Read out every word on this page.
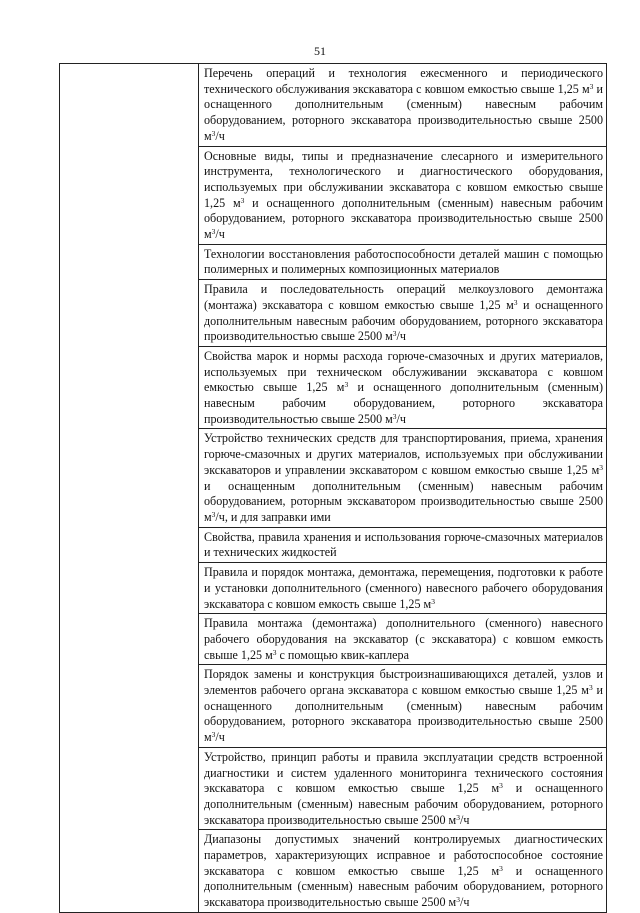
51

Перечень операций и технология ежесменного и периодического технического обслуживания экскаватора с ковшом емкостью свыше 1,25 $м^3$ и оснащенного дополнительным (сменным) навесным рабочим оборудованием, роторного экскаватора производительностью свыше 2500 $м^3/ч$

Основные виды, типы и предназначение слесарного и измерительного инструмента, технологического и диагностического оборудования, используемых при обслуживании экскаватора с ковшом емкостью свыше 1,25 $м^3$ и оснащенного дополнительным (сменным) навесным рабочим оборудованием, роторного экскаватора производительностью свыше 2500 $м^3/ч$

Технологии восстановления работоспособности деталей машин с помощью полимерных и полимерных композиционных материалов

Правила и последовательность операций мелкоузлового демонтажа (монтажа) экскаватора с ковшом емкостью свыше 1,25 $м^3$ и оснащенного дополнительным навесным рабочим оборудованием, роторного экскаватора производительностью свыше 2500 $м^3/ч$

Свойства марок и нормы расхода горюче-смазочных и других материалов, используемых при техническом обслуживании экскаватора с ковшом емкостью свыше 1,25 $м^3$ и оснащенного дополнительным (сменным) навесным рабочим оборудованием, роторного экскаватора производительностью свыше 2500 $м^3/ч$

Устройство технических средств для транспортирования, приема, хранения горюче-смазочных и других материалов, используемых при обслуживании экскаваторов и управлении экскаватором с ковшом емкостью свыше 1,25 $м^3$ и оснащенным дополнительным (сменным) навесным рабочим оборудованием, роторным экскаватором производительностью свыше 2500 $м^3/ч$, и для заправки ими

Свойства, правила хранения и использования горюче-смазочных материалов и технических жидкостей

Правила и порядок монтажа, демонтажа, перемещения, подготовки к работе и установки дополнительного (сменного) навесного рабочего оборудования экскаватора с ковшом емкость свыше 1,25 $м^3$

Правила монтажа (демонтажа) дополнительного (сменного) навесного рабочего оборудования на экскаватор (с экскаватора) с ковшом емкость свыше 1,25 $м^3$ с помощью квик-каплера

Порядок замены и конструкция быстроизнашивающихся деталей, узлов и элементов рабочего органа экскаватора с ковшом емкостью свыше 1,25 $м^3$ и оснащенного дополнительным (сменным) навесным рабочим оборудованием, роторного экскаватора производительностью свыше 2500 $м^3/ч$

Устройство, принцип работы и правила эксплуатации средств встроенной диагностики и систем удаленного мониторинга технического состояния экскаватора с ковшом емкостью свыше 1,25 $м^3$ и оснащенного дополнительным (сменным) навесным рабочим оборудованием, роторного экскаватора производительностью свыше 2500 $м^3/ч$

Диапазоны допустимых значений контролируемых диагностических параметров, характеризующих исправное и работоспособное состояние экскаватора с ковшом емкостью свыше 1,25 $м^3$ и оснащенного дополнительным (сменным) навесным рабочим оборудованием, роторного экскаватора производительностью свыше 2500 $м^3/ч$
